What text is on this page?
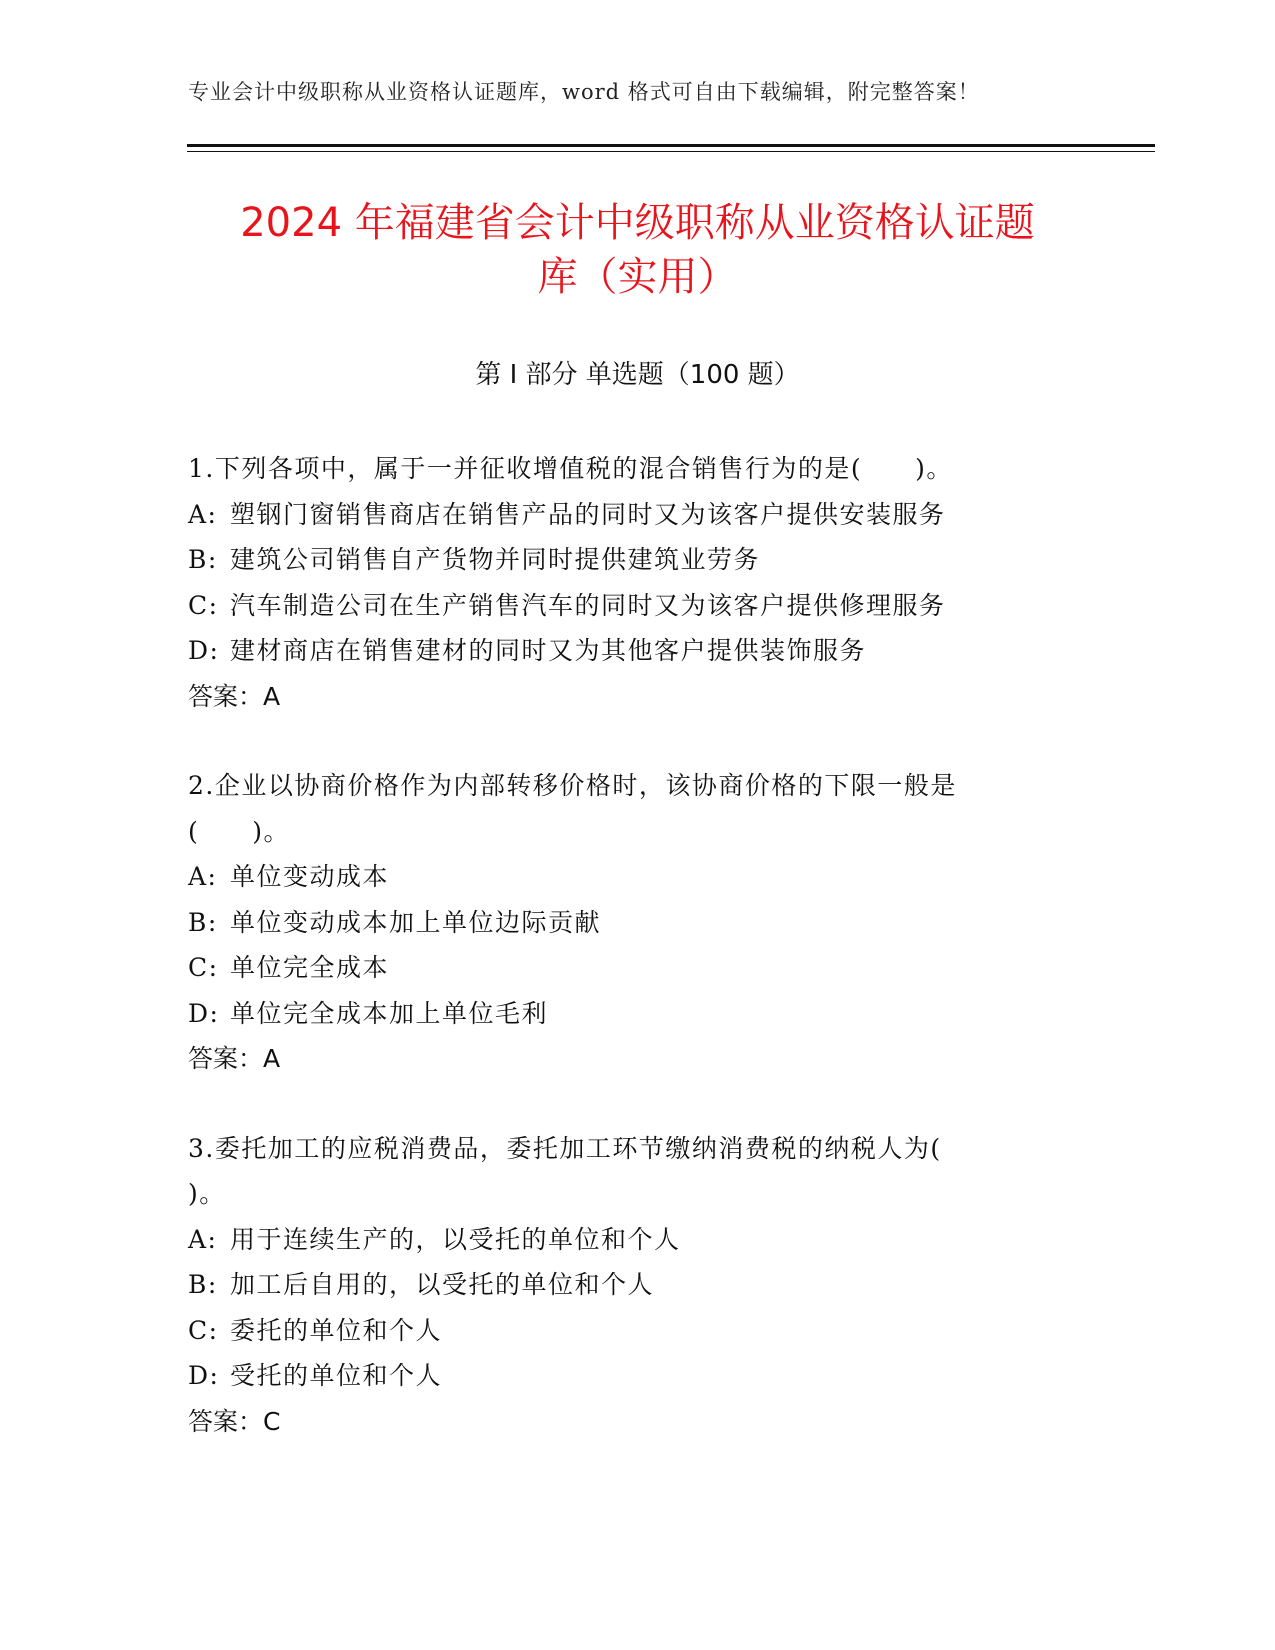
专业会计中级职称从业资格认证题库，word 格式可自由下载编辑，附完整答案！
2024 年福建省会计中级职称从业资格认证题
库（实用）
第 I 部分 单选题（100 题）
1.下列各项中，属于一并征收增值税的混合销售行为的是(　　)。
A: 塑钢门窗销售商店在销售产品的同时又为该客户提供安装服务
B: 建筑公司销售自产货物并同时提供建筑业劳务
C: 汽车制造公司在生产销售汽车的同时又为该客户提供修理服务
D: 建材商店在销售建材的同时又为其他客户提供装饰服务
答案：A
2.企业以协商价格作为内部转移价格时，该协商价格的下限一般是
(　　)。
A: 单位变动成本
B: 单位变动成本加上单位边际贡献
C: 单位完全成本
D: 单位完全成本加上单位毛利
答案：A
3.委托加工的应税消费品，委托加工环节缴纳消费税的纳税人为(
)。
A: 用于连续生产的，以受托的单位和个人
B: 加工后自用的，以受托的单位和个人
C: 委托的单位和个人
D: 受托的单位和个人
答案：C
